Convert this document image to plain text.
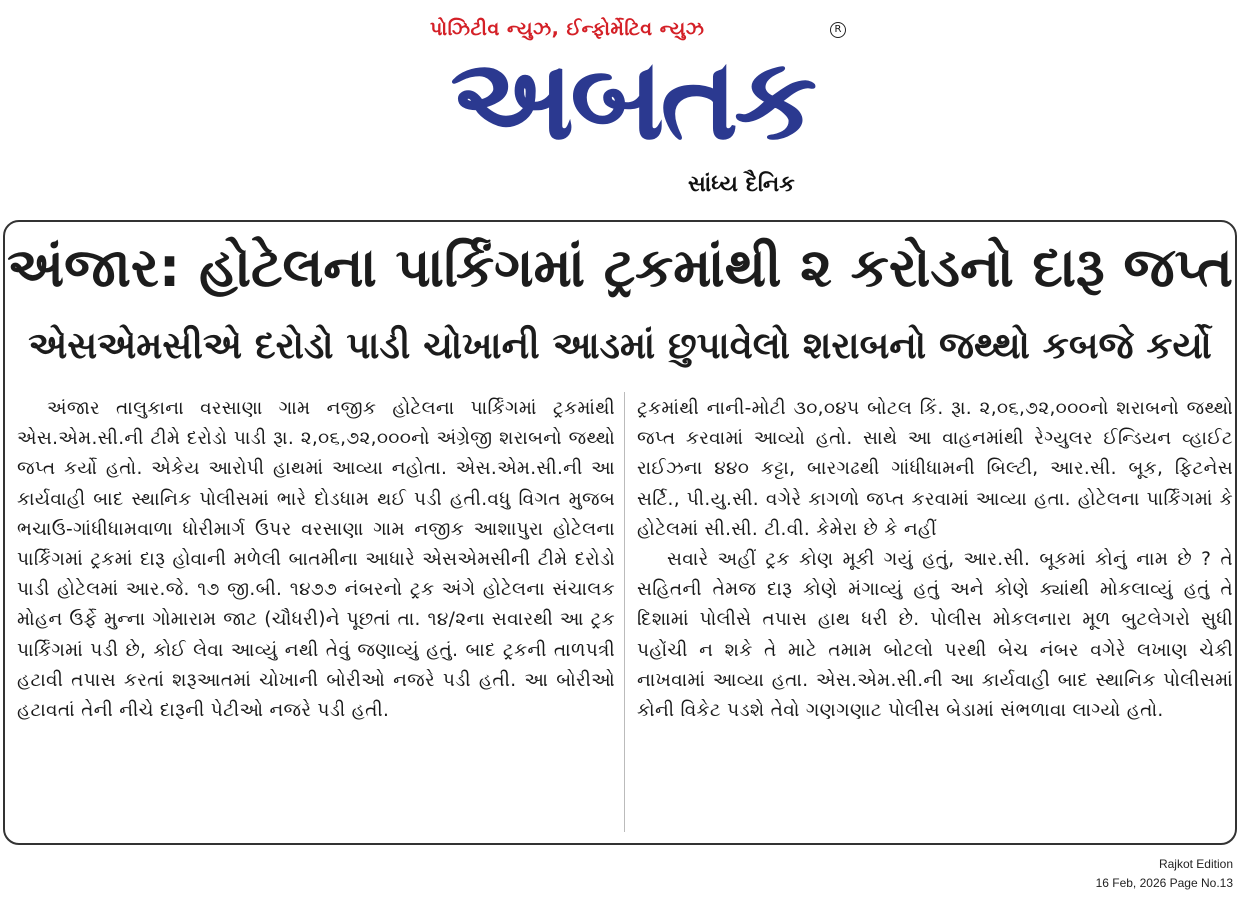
પોઝિટીવ ન્યુઝ, ઈન્ફોર્મેટિવ ન્યુઝ	R
અબતક
સાંધ્ય દૈનિક
અંજાર: હોટેલના પાર્કિંગમાં ટ્રકમાંથી ૨ કરોડનો દારૂ જપ્ત
એસએમસીએ દરોડો પાડી ચોખાની આડમાં છુપાવેલો શરાબનો જથ્થો કબજે કર્યો

અંજાર તાલુકાના વરસાણા ગામ નજીક હોટેલના પાર્કિંગમાં ટ્રકમાંથી એસ.એમ.સી.ની ટીમે દરોડો પાડી રૂા. ૨,૦૬,૭૨,૦૦૦નો અંગ્રેજી શરાબનો જથ્થો જપ્ત કર્યો હતો. એકેય આરોપી હાથમાં આવ્યા નહોતા. એસ.એમ.સી.ની આ કાર્યવાહી બાદ સ્થાનિક પોલીસમાં ભારે દોડધામ થઈ પડી હતી.વધુ વિગત મુજબ ભચાઉ-ગાંધીધામવાળા ધોરીમાર્ગ ઉપર વરસાણા ગામ નજીક આશાપુરા હોટેલના પાર્કિંગમાં ટ્રકમાં દારૂ હોવાની મળેલી બાતમીના આધારે એસએમસીની ટીમે દરોડો પાડી હોટેલમાં આર.જે. ૧૭ જી.બી. ૧૪૭૭ નંબરનો ટ્રક અંગે હોટેલના સંચાલક મોહન ઉર્ફે મુન્ના ગોમારામ જાટ (ચૌધરી)ને પૂછતાં તા. ૧૪/૨ના સવારથી આ ટ્રક પાર્કિંગમાં પડી છે, કોઈ લેવા આવ્યું નથી તેવું જણાવ્યું હતું. બાદ ટ્રકની તાળપત્રી હટાવી તપાસ કરતાં શરૂઆતમાં ચોખાની બોરીઓ નજરે પડી હતી. આ બોરીઓ હટાવતાં તેની નીચે દારૂની પેટીઓ નજરે પડી હતી.

ટ્રકમાંથી નાની-મોટી ૩૦,૦૪૫ બોટલ કિં. રૂા. ૨,૦૬,૭૨,૦૦૦નો શરાબનો જથ્થો જપ્ત કરવામાં આવ્યો હતો. સાથે આ વાહનમાંથી રેગ્યુલર ઈન્ડિયન વ્હાઈટ રાઈઝના ૪૪૦ કટ્ટા, બારગઢથી ગાંધીધામની બિલ્ટી, આર.સી. બૂક, ફિટનેસ સર્ટિ., પી.યુ.સી. વગેરે કાગળો જપ્ત કરવામાં આવ્યા હતા. હોટેલના પાર્કિંગમાં કે હોટેલમાં સી.સી. ટી.વી. કેમેરા છે કે નહીં

સવારે અહીં ટ્રક કોણ મૂકી ગયું હતું, આર.સી. બૂકમાં કોનું નામ છે ? તે સહિતની તેમજ દારૂ કોણે મંગાવ્યું હતું અને કોણે ક્યાંથી મોકલાવ્યું હતું તે દિશામાં પોલીસે તપાસ હાથ ધરી છે. પોલીસ મોકલનારા મૂળ બુટલેગરો સુધી પહોંચી ન શકે તે માટે તમામ બોટલો પરથી બેચ નંબર વગેરે લખાણ ચેકી નાખવામાં આવ્યા હતા. એસ.એમ.સી.ની આ કાર્યવાહી બાદ સ્થાનિક પોલીસમાં કોની વિકેટ પડશે તેવો ગણગણાટ પોલીસ બેડામાં સંભળાવા લાગ્યો હતો.

Rajkot Edition
16 Feb, 2026 Page No.13
